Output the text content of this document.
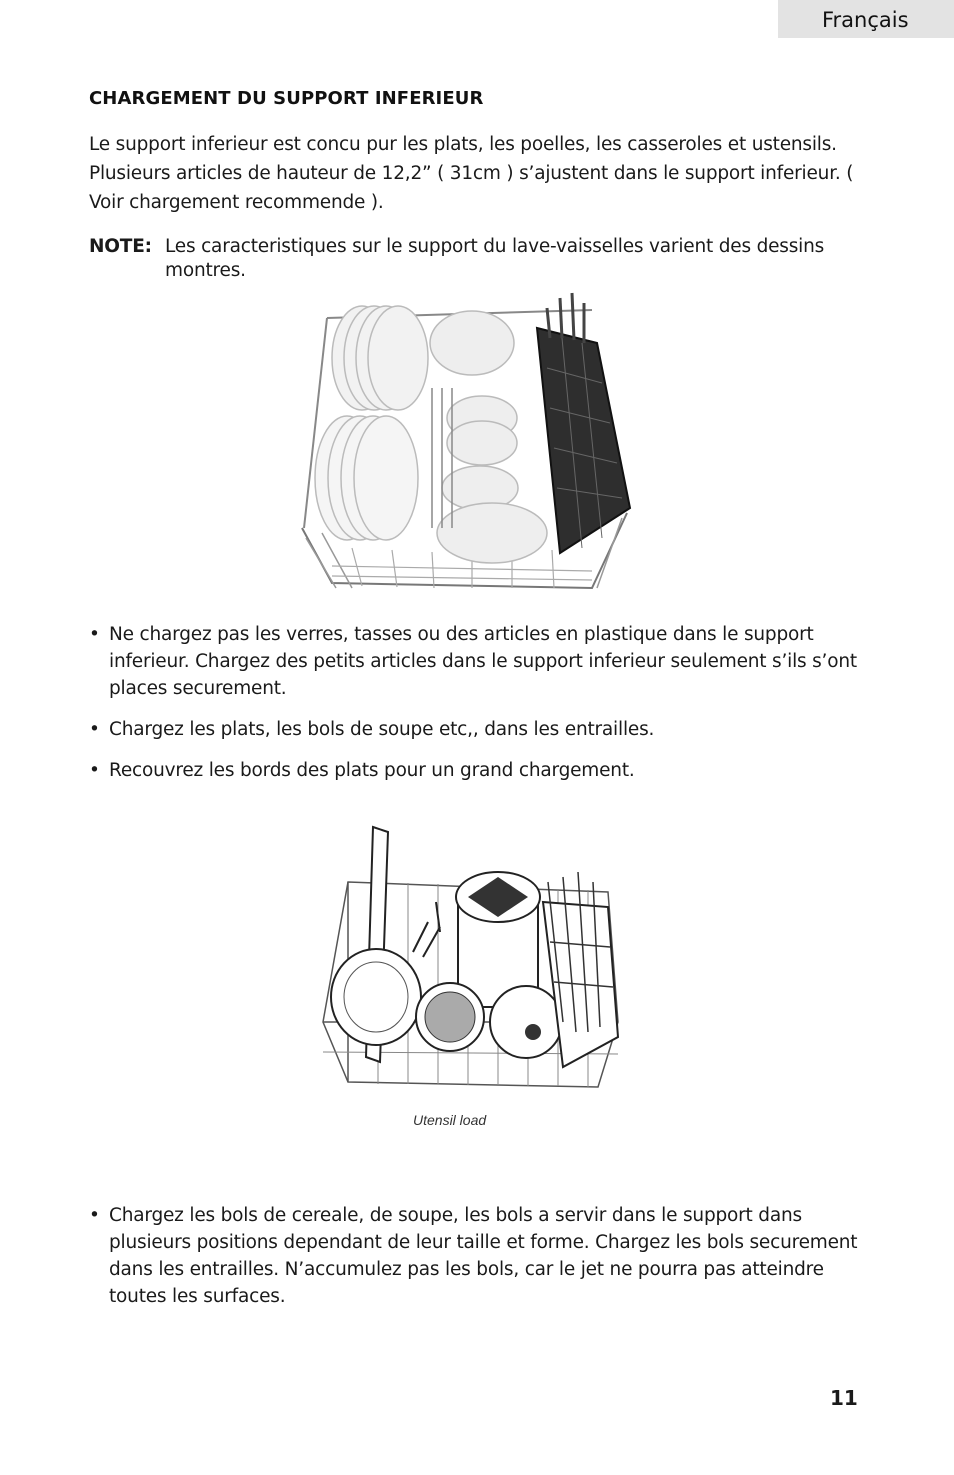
Français
CHARGEMENT DU SUPPORT INFERIEUR

Le support inferieur est concu pur les plats, les poelles, les casseroles et ustensils. Plusieurs articles de hauteur de 12,2” ( 31cm ) s’ajustent dans le support inferieur. ( Voir chargement recommende ).

NOTE: Les caracteristiques sur le support du lave-vaisselles varient des dessins montres.
• Ne chargez pas les verres, tasses ou des articles en plastique dans le support inferieur. Chargez des petits articles dans le support inferieur seulement s’ils s’ont places securement.
• Chargez les plats, les bols de soupe etc,, dans les entrailles.
• Recouvrez les bords des plats pour un grand chargement.
Utensil load
• Chargez les bols de cereale, de soupe, les bols a servir dans le support dans plusieurs positions dependant de leur taille et forme. Chargez les bols securement dans les entrailles. N’accumulez pas les bols, car le jet ne pourra pas atteindre toutes les surfaces.
11
